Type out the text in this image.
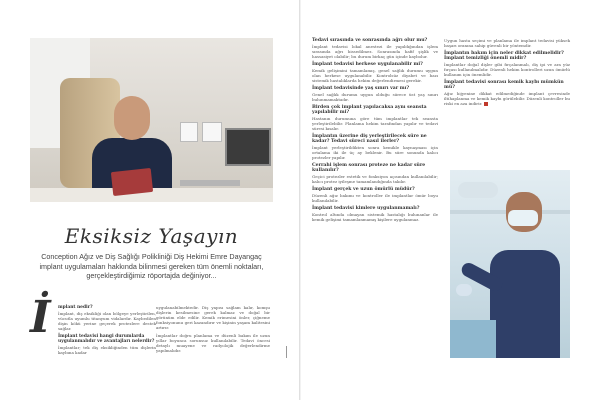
Eksiksiz Yaşayın
Conception Ağız ve Diş Sağlığı Polikliniği Diş Hekimi Emre Dayangaç implant uygulamaları hakkında bilinmesi gereken tüm önemli noktaları, gerçekleştirdiğimiz röportajda değiniyor...
İ mplant nedir?
İmplant, diş eksikliği olan bölgeye yerleştirilen, vücutla uyumlu titanyum vidalardır. Kaybedilen dişin kökü yerine geçerek protezlere destek sağlar.
İmplant tedavisi hangi durumlarda uygulanmalıdır ve avantajları nelerdir?
İmplantlar; tek diş eksikliğinden tüm dişlerin kaybına kadar
uygulanabilmektedir. Diş yapısı sağlam kalır, komşu dişlerin kesilmesine gerek kalmaz ve doğal bir görünüm elde edilir. Kemik erimesini önler, çiğneme fonksiyonunu geri kazandırır ve kişinin yaşam kalitesini artırır.
İmplantlar doğru planlama ve düzenli bakım ile uzun yıllar boyunca sorunsuz kullanılabilir. Tedavi öncesi detaylı muayene ve radyolojik değerlendirme yapılmalıdır.
Tedavi sırasında ve sonrasında ağrı olur mu?
İmplant tedavisi lokal anestezi ile yapıldığından işlem sırasında ağrı hissedilmez. Sonrasında hafif şişlik ve hassasiyet olabilir; bu durum birkaç gün içinde kaybolur.
İmplant tedavisi herkese uygulanabilir mi?
Kemik gelişimini tamamlamış, genel sağlık durumu uygun olan herkese uygulanabilir. Kontrolsüz diyabet ve bazı sistemik hastalıklarda hekim değerlendirmesi gerekir.
İmplant tedavisinde yaş sınırı var mı?
Genel sağlık durumu uygun olduğu sürece üst yaş sınırı bulunmamaktadır.
Birden çok implant yapılacaksa aynı seansta yapılabilir mi?
Hastanın durumuna göre tüm implantlar tek seansta yerleştirilebilir. Planlama hekim tarafından yapılır ve tedavi süresi kısalır.
İmplantın üzerine diş yerleştirilecek süre ne kadar? Tedavi süreci nasıl ilerler?
İmplant yerleştirildikten sonra kemikle kaynaşması için ortalama iki ile üç ay beklenir. Bu süre sonunda kalıcı protezler yapılır.
Cerrahi işlem sonrası proteze ne kadar süre kullanılır?
Geçici protezler estetik ve fonksiyon açısından kullanılabilir; kalıcı protez iyileşme tamamlandığında takılır.
İmplant gerçek ve uzun ömürlü müdür?
Düzenli ağız bakımı ve kontroller ile implantlar ömür boyu kullanılabilir.
İmplant tedavisi kimlere uygulanmamalı?
Kontrol altında olmayan sistemik hastalığı bulunanlar ile kemik gelişimi tamamlanmamış kişilere uygulanmaz.
Uygun hasta seçimi ve planlama ile implant tedavisi yüksek başarı oranına sahip güvenli bir yöntemdir.
İmplantın bakım için neler dikkat edilmelidir? İmplant temizliği önemli midir?
İmplantlar doğal dişler gibi fırçalanmalı, diş ipi ve ara yüz fırçası kullanılmalıdır. Düzenli hekim kontrolleri uzun ömürlü kullanım için önemlidir.
İmplant tedavisi sonrası kemik kaybı mümkün mü?
Ağız hijyenine dikkat edilmediğinde implant çevresinde iltihaplanma ve kemik kaybı görülebilir. Düzenli kontroller bu riski en aza indirir.
